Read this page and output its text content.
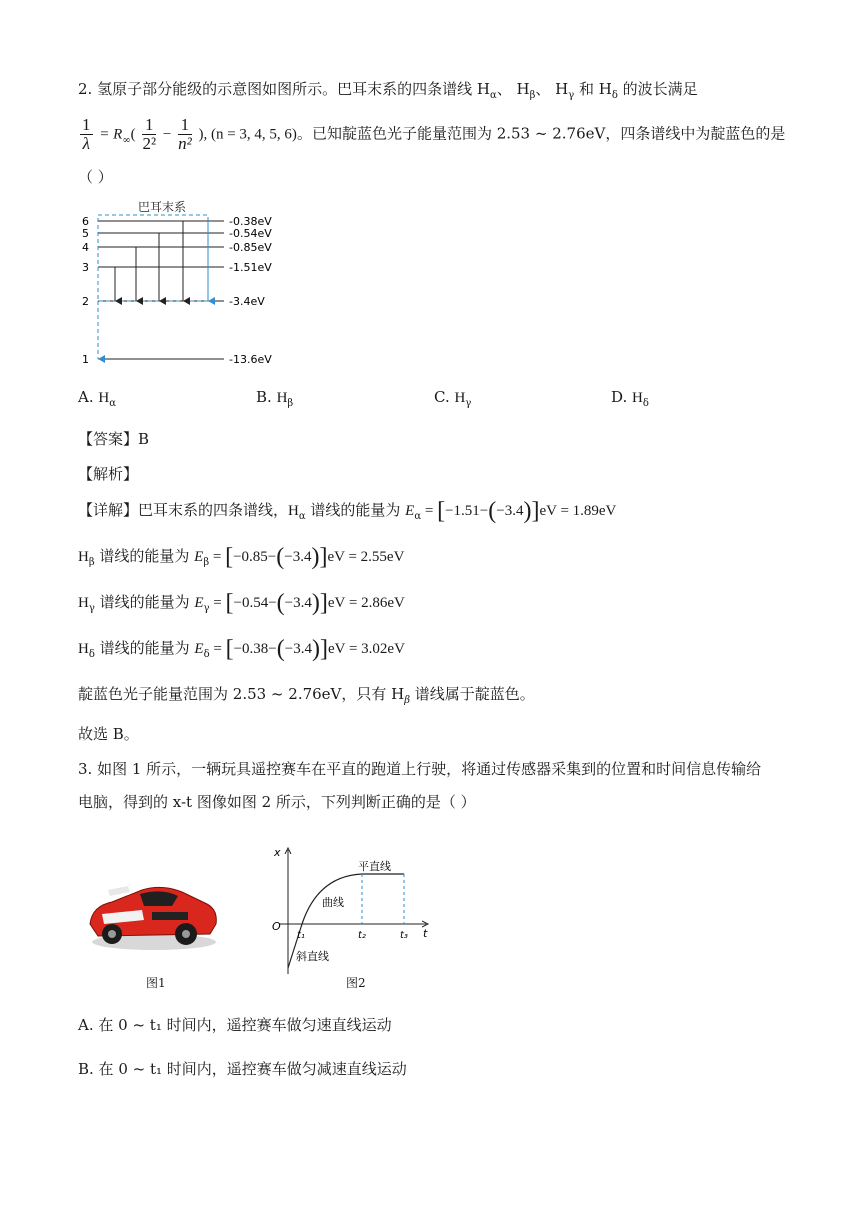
2. 氢原子部分能级的示意图如图所示。巴耳末系的四条谱线 $H_\alpha$、 $H_\beta$、 $H_\gamma$ 和 $H_\delta$ 的波长满足
$\frac{1}{\lambda} = R_\infty( \frac{1}{\text{2²}} - \frac{1}{\text{n²}}$ ), (n = 3, 4, 5, 6)。已知靛蓝色光子能量范围为 2.53 ~ 2.76eV，四条谱线中为靛蓝色的是
（ ）
巴耳末系
6	-0.38eV
5	-0.54eV
4	-0.85eV
3	-1.51eV
2	-3.4eV
1	-13.6eV
A. $H_\alpha$	B. $H_\beta$	C. $H_\gamma$	D. $H_\delta$
【答案】B
【解析】
【详解】巴耳末系的四条谱线，$H_\alpha$ 谱线的能量为 $E_\alpha = [-1.51-(-3.4)]eV = 1.89eV$
$H_\beta$ 谱线的能量为 $E_\beta = [-0.85-(-3.4)]eV = 2.55eV$
$H_\gamma$ 谱线的能量为 $E_\gamma = [-0.54-(-3.4)]eV = 2.86eV$
$H_\delta$ 谱线的能量为 $E_\delta = [-0.38-(-3.4)]eV = 3.02eV$
靛蓝色光子能量范围为 2.53 ~ 2.76eV，只有 $H_\beta$ 谱线属于靛蓝色。
故选 B。
3. 如图 1 所示，一辆玩具遥控赛车在平直的跑道上行驶，将通过传感器采集到的位置和时间信息传输给
电脑，得到的 x-t 图像如图 2 所示，下列判断正确的是（ ）
图1
x
t
O
t₁	t₂	t₃
平直线
曲线
斜直线
图2
A. 在 0 ~ t₁ 时间内，遥控赛车做匀速直线运动
B. 在 0 ~ t₁ 时间内，遥控赛车做匀减速直线运动
